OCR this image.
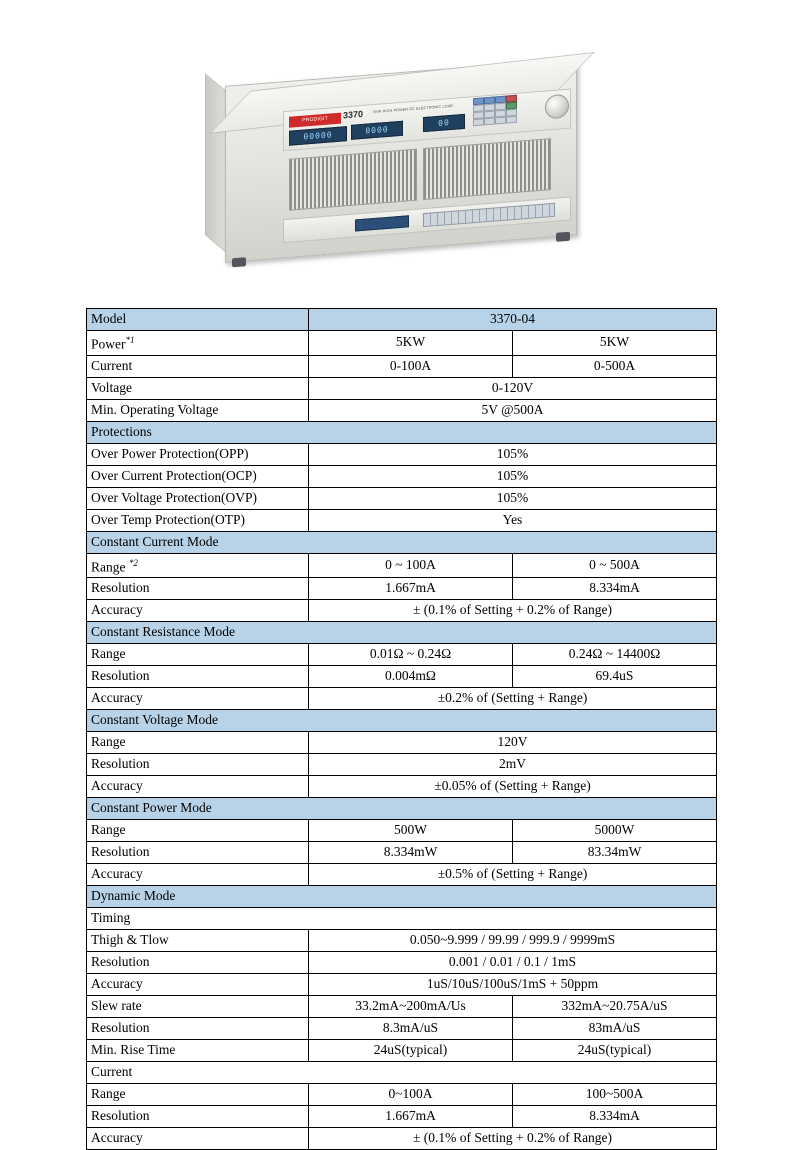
PRODIGIT	3370	5KW HIGH POWER DC ELECTRONIC LOAD
00000	0000
00
Model	3370-04	
Power$^{*1}$	5KW	5KW
Current	0-100A	0-500A
Voltage	0-120V	
Min. Operating Voltage	5V @500A	
Protections		
Over Power Protection(OPP)	105%	
Over Current Protection(OCP)	105%	
Over Voltage Protection(OVP)	105%	
Over Temp Protection(OTP)	Yes	
Constant Current Mode		
Range $^{*2}$	0 ~ 100A	0 ~ 500A
Resolution	1.667mA	8.334mA
Accuracy	± (0.1% of Setting + 0.2% of Range)	
Constant Resistance Mode		
Range	0.01Ω ~ 0.24Ω	0.24Ω ~ 14400Ω
Resolution	0.004mΩ	69.4uS
Accuracy	±0.2% of (Setting + Range)	
Constant Voltage Mode		
Range	120V	
Resolution	2mV	
Accuracy	±0.05% of (Setting + Range)	
Constant Power Mode		
Range	500W	5000W
Resolution	8.334mW	83.34mW
Accuracy	±0.5% of (Setting + Range)	
Dynamic Mode		
Timing		
Thigh & Tlow	0.050~9.999 / 99.99 / 999.9 / 9999mS	
Resolution	0.001 / 0.01 / 0.1 / 1mS	
Accuracy	1uS/10uS/100uS/1mS + 50ppm	
Slew rate	33.2mA~200mA/Us	332mA~20.75A/uS
Resolution	8.3mA/uS	83mA/uS
Min. Rise Time	24uS(typical)	24uS(typical)
Current		
Range	0~100A	100~500A
Resolution	1.667mA	8.334mA
Accuracy	± (0.1% of Setting + 0.2% of Range)	
